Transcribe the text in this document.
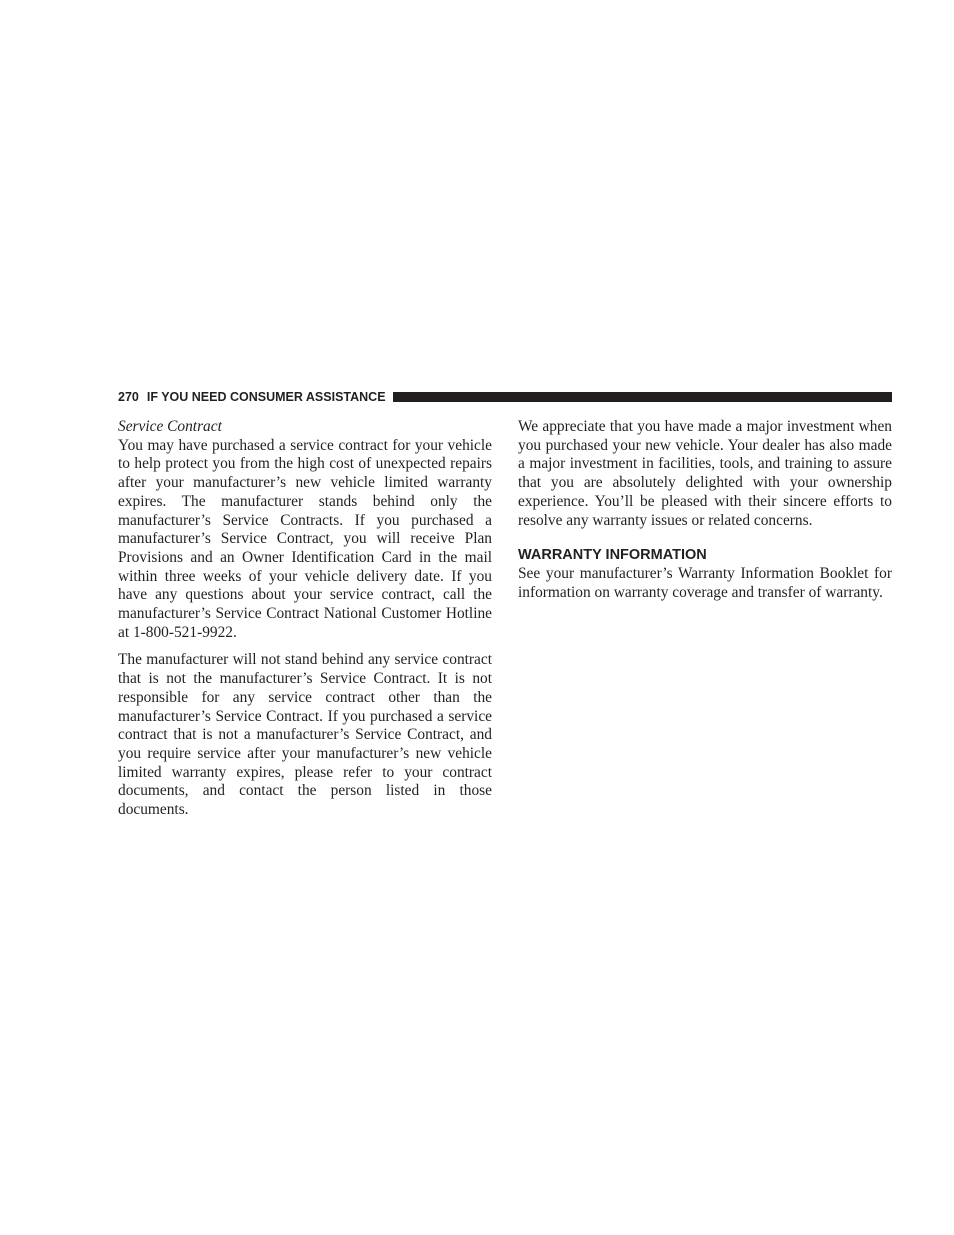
270 IF YOU NEED CONSUMER ASSISTANCE

Service Contract

You may have purchased a service contract for your vehicle to help protect you from the high cost of unexpected repairs after your manufacturer’s new vehicle limited warranty expires. The manufacturer stands behind only the manufacturer’s Service Contracts. If you purchased a manufacturer’s Service Contract, you will receive Plan Provisions and an Owner Identification Card in the mail within three weeks of your vehicle delivery date. If you have any questions about your service contract, call the manufacturer’s Service Contract National Customer Hotline at 1-800-521-9922.

The manufacturer will not stand behind any service contract that is not the manufacturer’s Service Contract. It is not responsible for any service contract other than the manufacturer’s Service Contract. If you purchased a service contract that is not a manufacturer’s Service Contract, and you require service after your manufacturer’s new vehicle limited warranty expires, please refer to your contract documents, and contact the person listed in those documents.

We appreciate that you have made a major investment when you purchased your new vehicle. Your dealer has also made a major investment in facilities, tools, and training to assure that you are absolutely delighted with your ownership experience. You’ll be pleased with their sincere efforts to resolve any warranty issues or related concerns.

WARRANTY INFORMATION

See your manufacturer’s Warranty Information Booklet for information on warranty coverage and transfer of warranty.
